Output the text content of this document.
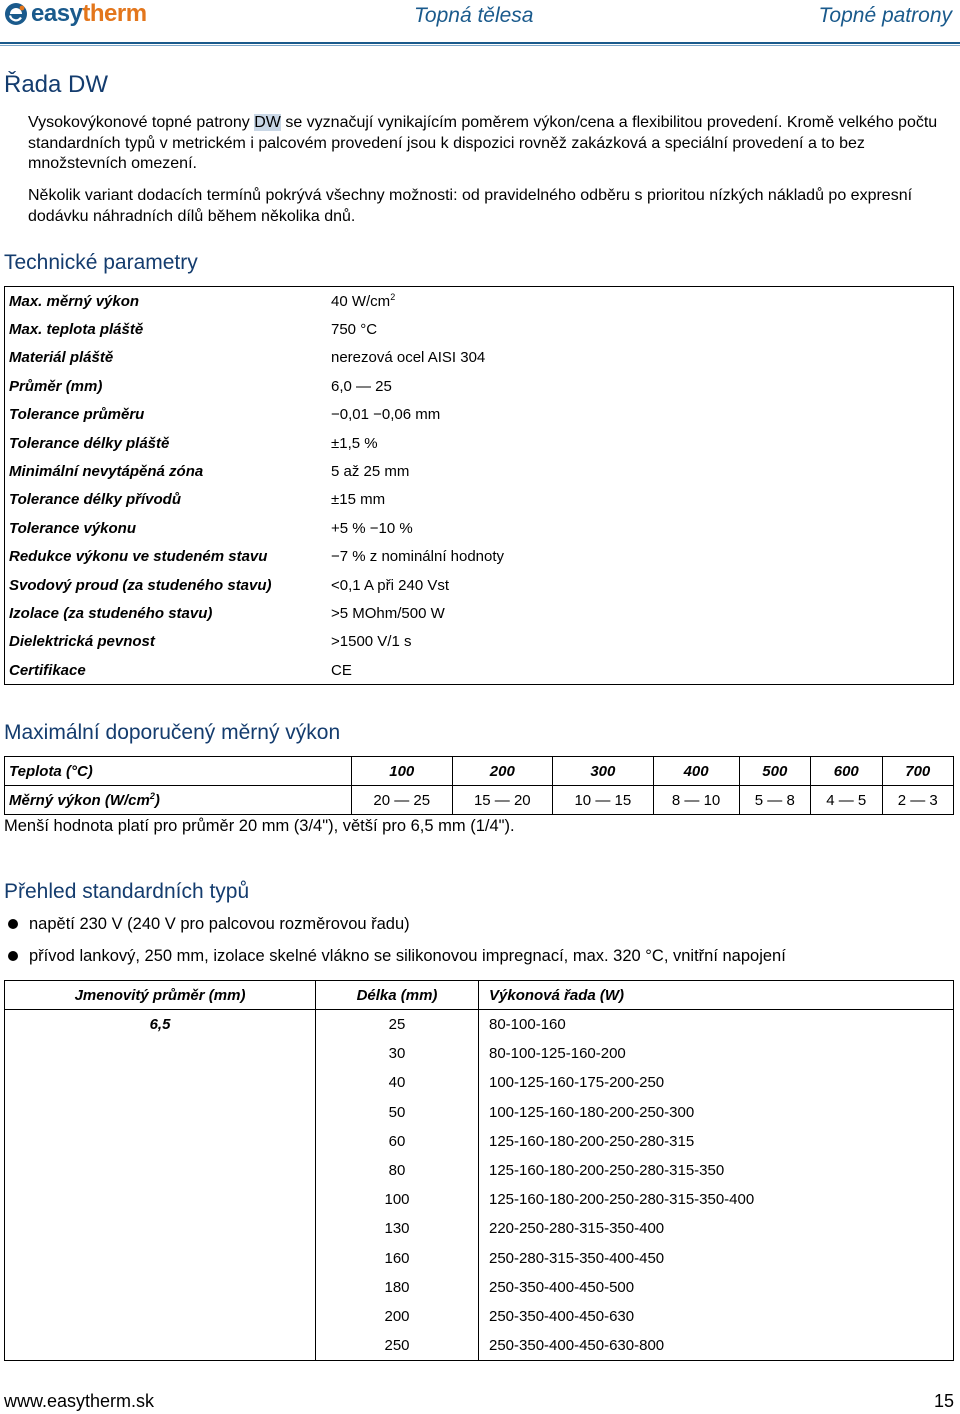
easytherm	Topná tělesa	Topné patrony
Řada DW

Vysokovýkonové topné patrony DW se vyznačují vynikajícím poměrem výkon/cena a flexibilitou provedení. Kromě velkého počtu standardních typů v metrickém i palcovém provedení jsou k dispozici rovněž zakázková a speciální provedení a to bez množstevních omezení.

Několik variant dodacích termínů pokrývá všechny možnosti: od pravidelného odběru s prioritou nízkých nákladů po expresní dodávku náhradních dílů během několika dnů.

Technické parametry
Max. měrný výkon	40 $W/cm^2$
Max. teplota pláště	750 °C
Materiál pláště	nerezová ocel AISI 304
Průměr (mm)	6,0 — 25
Tolerance průměru	−0,01 −0,06 mm
Tolerance délky pláště	±1,5 %
Minimální nevytápěná zóna	5 až 25 mm
Tolerance délky přívodů	±15 mm
Tolerance výkonu	+5 % −10 %
Redukce výkonu ve studeném stavu	−7 % z nominální hodnoty
Svodový proud (za studeného stavu)	<0,1 A při 240 Vst
Izolace (za studeného stavu)	>5 MOhm/500 W
Dielektrická pevnost	>1500 V/1 s
Certifikace	CE
Maximální doporučený měrný výkon
Teplota (°C)	100	200	300	400	500	600	700
Měrný výkon $(W/cm^2)$	20 — 25	15 — 20	10 — 15	8 — 10	5 — 8	4 — 5	2 — 3
Menší hodnota platí pro průměr 20 mm (3/4"), větší pro 6,5 mm (1/4").
Přehled standardních typů
napětí 230 V (240 V pro palcovou rozměrovou řadu)
přívod lankový, 250 mm, izolace skelné vlákno se silikonovou impregnací, max. 320 °C, vnitřní napojení
Jmenovitý průměr (mm)	Délka (mm)	Výkonová řada (W)
6,5	25	80-100-160
	30	80-100-125-160-200
	40	100-125-160-175-200-250
	50	100-125-160-180-200-250-300
	60	125-160-180-200-250-280-315
	80	125-160-180-200-250-280-315-350
	100	125-160-180-200-250-280-315-350-400
	130	220-250-280-315-350-400
	160	250-280-315-350-400-450
	180	250-350-400-450-500
	200	250-350-400-450-630
	250	250-350-400-450-630-800
www.easytherm.sk	15
